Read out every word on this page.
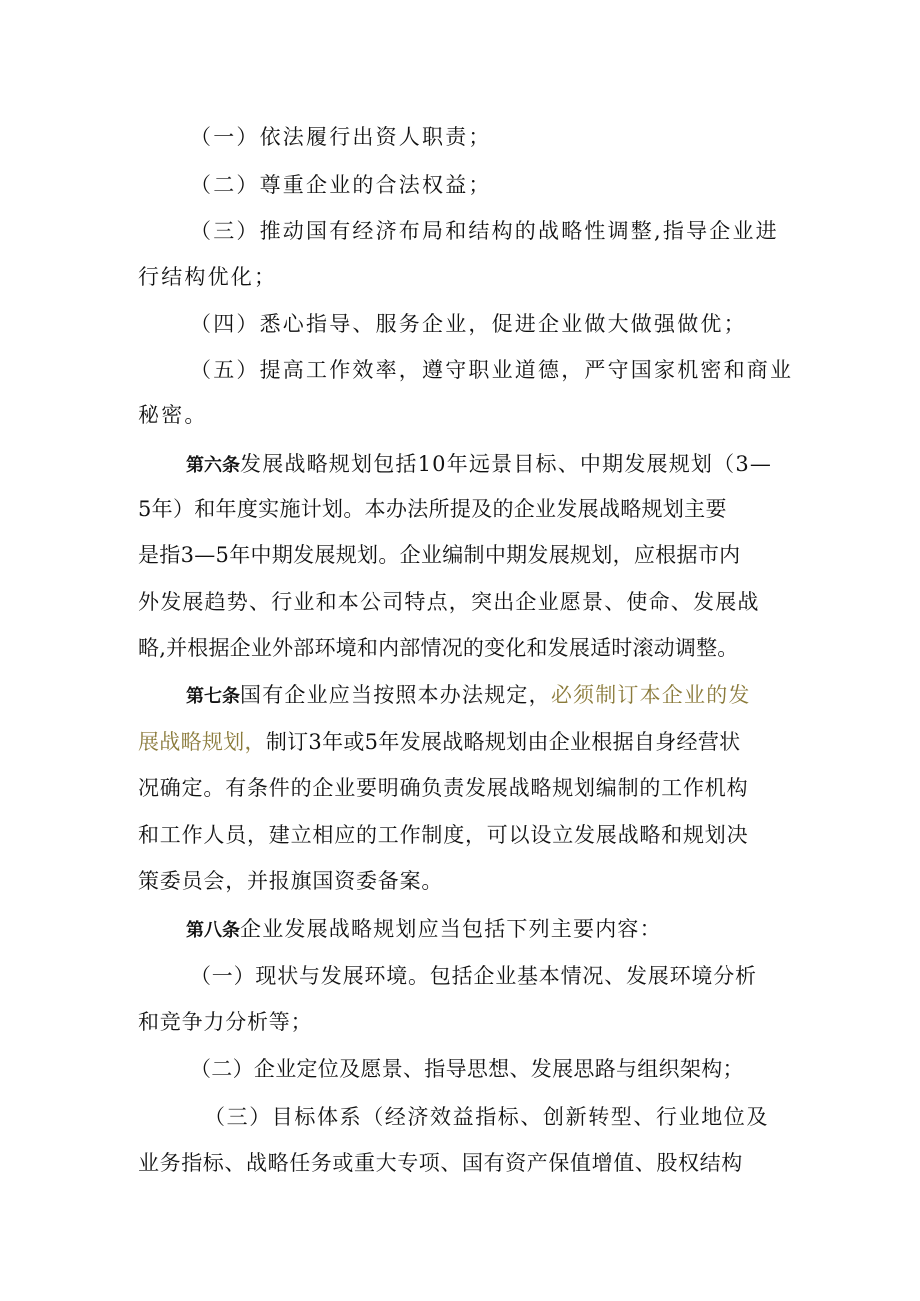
（一）依法履行出资人职责；
（二）尊重企业的合法权益；
（三）推动国有经济布局和结构的战略性调整,指导企业进
行结构优化；
（四）悉心指导、服务企业，促进企业做大做强做优；
（五）提高工作效率，遵守职业道德，严守国家机密和商业
秘密。
第六条发展战略规划包括10年远景目标、中期发展规划（3—
5年）和年度实施计划。本办法所提及的企业发展战略规划主要
是指3—5年中期发展规划。企业编制中期发展规划，应根据市内
外发展趋势、行业和本公司特点，突出企业愿景、使命、发展战
略,并根据企业外部环境和内部情况的变化和发展适时滚动调整。
第七条国有企业应当按照本办法规定，必须制订本企业的发
展战略规划，制订3年或5年发展战略规划由企业根据自身经营状
况确定。有条件的企业要明确负责发展战略规划编制的工作机构
和工作人员，建立相应的工作制度，可以设立发展战略和规划决
策委员会，并报旗国资委备案。
第八条企业发展战略规划应当包括下列主要内容：
（一）现状与发展环境。包括企业基本情况、发展环境分析
和竞争力分析等；
（二）企业定位及愿景、指导思想、发展思路与组织架构；
（三）目标体系（经济效益指标、创新转型、行业地位及
业务指标、战略任务或重大专项、国有资产保值增值、股权结构
